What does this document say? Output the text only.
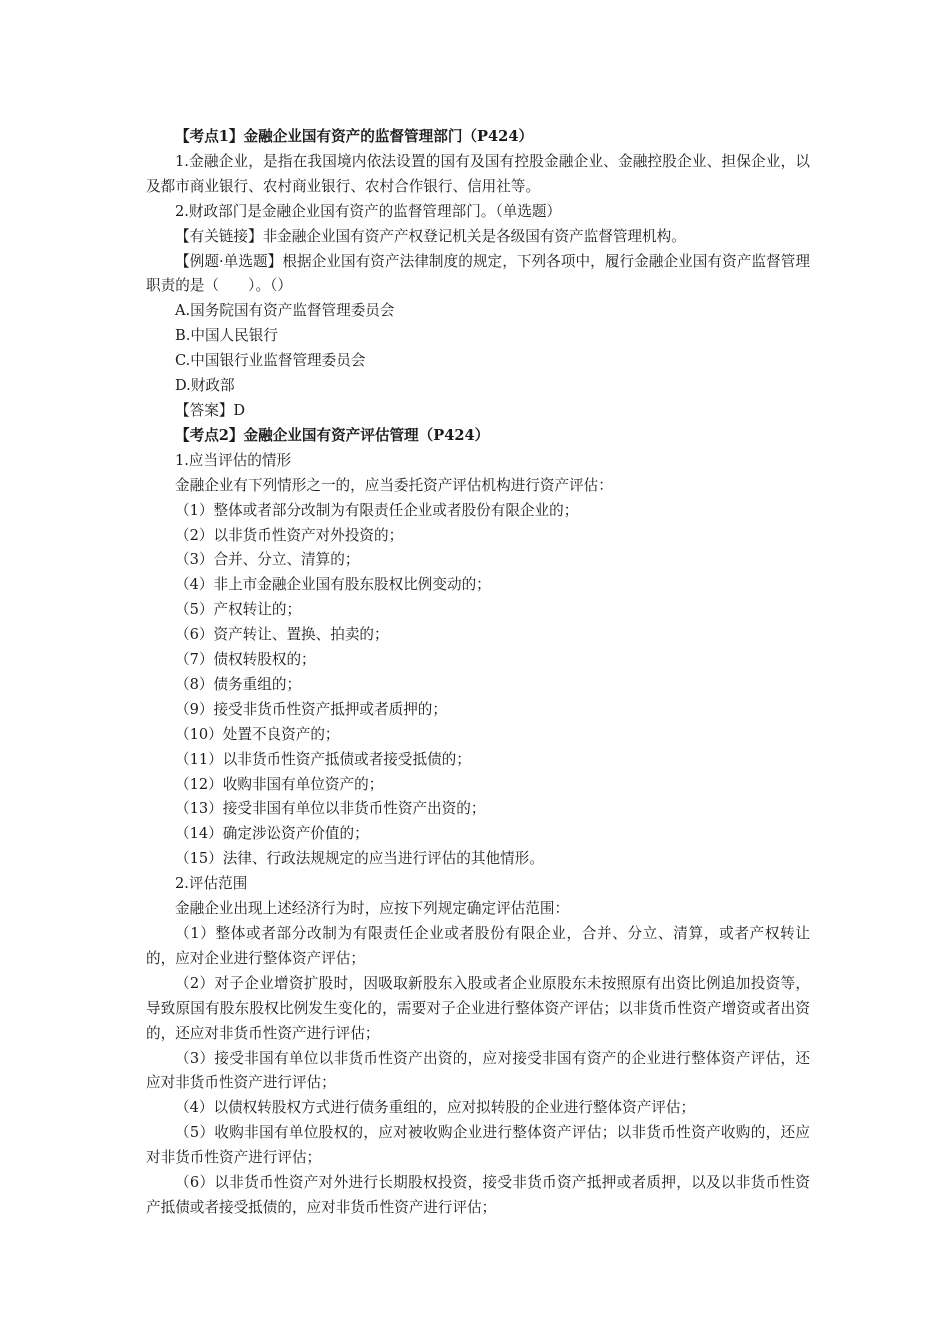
【考点1】金融企业国有资产的监督管理部门（P424）

1.金融企业，是指在我国境内依法设置的国有及国有控股金融企业、金融控股企业、担保企业，以及都市商业银行、农村商业银行、农村合作银行、信用社等。

2.财政部门是金融企业国有资产的监督管理部门。（单选题）

【有关链接】非金融企业国有资产产权登记机关是各级国有资产监督管理机构。

【例题·单选题】根据企业国有资产法律制度的规定，下列各项中，履行金融企业国有资产监督管理职责的是（　　）。（）

A.国务院国有资产监督管理委员会

B.中国人民银行

C.中国银行业监督管理委员会

D.财政部

【答案】D

【考点2】金融企业国有资产评估管理（P424）

1.应当评估的情形

金融企业有下列情形之一的，应当委托资产评估机构进行资产评估：

（1）整体或者部分改制为有限责任企业或者股份有限企业的；

（2）以非货币性资产对外投资的；

（3）合并、分立、清算的；

（4）非上市金融企业国有股东股权比例变动的；

（5）产权转让的；

（6）资产转让、置换、拍卖的；

（7）债权转股权的；

（8）债务重组的；

（9）接受非货币性资产抵押或者质押的；

（10）处置不良资产的；

（11）以非货币性资产抵债或者接受抵债的；

（12）收购非国有单位资产的；

（13）接受非国有单位以非货币性资产出资的；

（14）确定涉讼资产价值的；

（15）法律、行政法规规定的应当进行评估的其他情形。

2.评估范围

金融企业出现上述经济行为时，应按下列规定确定评估范围：

（1）整体或者部分改制为有限责任企业或者股份有限企业，合并、分立、清算，或者产权转让的，应对企业进行整体资产评估；

（2）对子企业增资扩股时，因吸取新股东入股或者企业原股东未按照原有出资比例追加投资等，导致原国有股东股权比例发生变化的，需要对子企业进行整体资产评估；以非货币性资产增资或者出资的，还应对非货币性资产进行评估；

（3）接受非国有单位以非货币性资产出资的，应对接受非国有资产的企业进行整体资产评估，还应对非货币性资产进行评估；

（4）以债权转股权方式进行债务重组的，应对拟转股的企业进行整体资产评估；

（5）收购非国有单位股权的，应对被收购企业进行整体资产评估；以非货币性资产收购的，还应对非货币性资产进行评估；

（6）以非货币性资产对外进行长期股权投资，接受非货币资产抵押或者质押，以及以非货币性资产抵债或者接受抵债的，应对非货币性资产进行评估；
